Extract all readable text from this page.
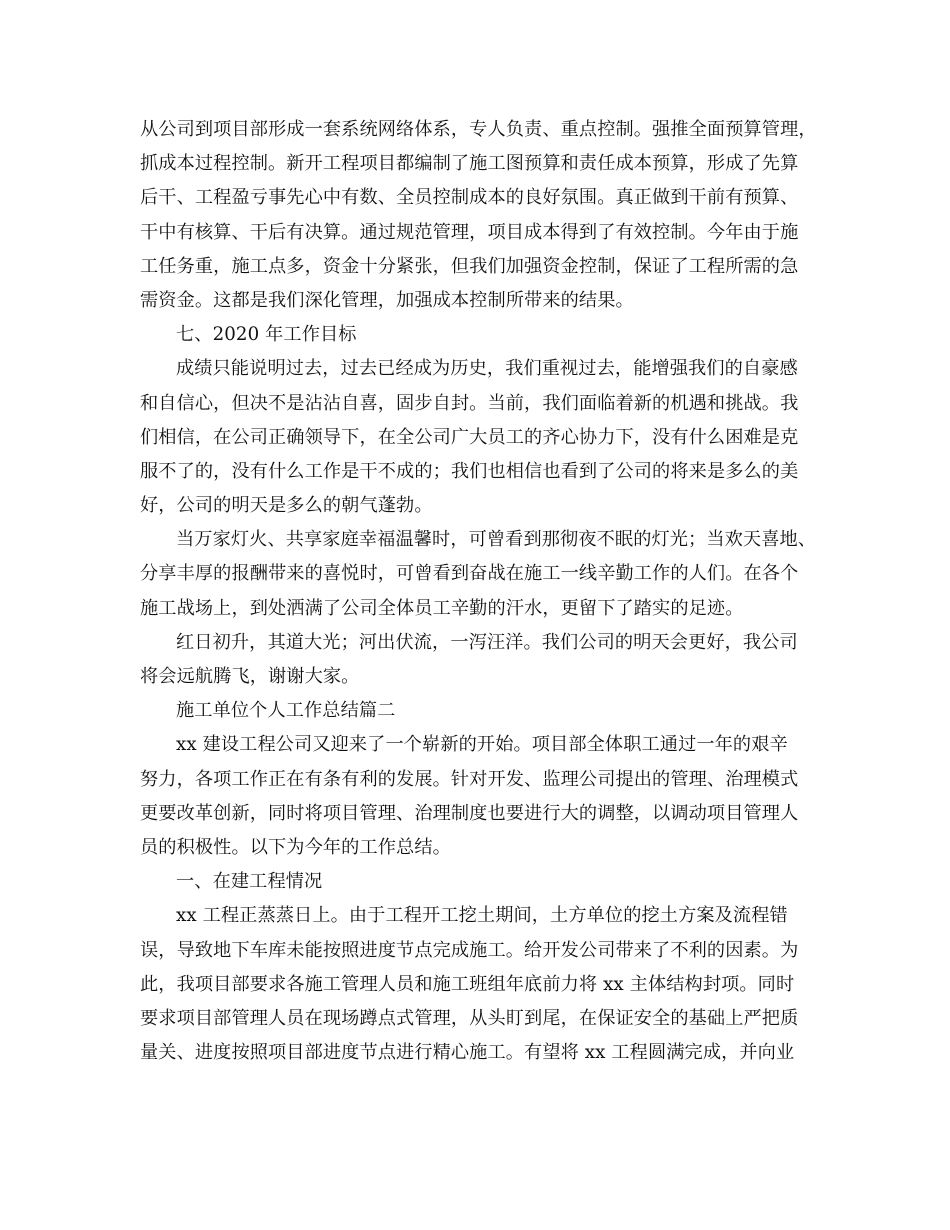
从公司到项目部形成一套系统网络体系，专人负责、重点控制。强推全面预算管理，
抓成本过程控制。新开工程项目都编制了施工图预算和责任成本预算，形成了先算
后干、工程盈亏事先心中有数、全员控制成本的良好氛围。真正做到干前有预算、
干中有核算、干后有决算。通过规范管理，项目成本得到了有效控制。今年由于施
工任务重，施工点多，资金十分紧张，但我们加强资金控制，保证了工程所需的急
需资金。这都是我们深化管理，加强成本控制所带来的结果。
七、2020 年工作目标
成绩只能说明过去，过去已经成为历史，我们重视过去，能增强我们的自豪感
和自信心，但决不是沾沾自喜，固步自封。当前，我们面临着新的机遇和挑战。我
们相信，在公司正确领导下，在全公司广大员工的齐心协力下，没有什么困难是克
服不了的，没有什么工作是干不成的；我们也相信也看到了公司的将来是多么的美
好，公司的明天是多么的朝气蓬勃。
当万家灯火、共享家庭幸福温馨时，可曾看到那彻夜不眠的灯光；当欢天喜地、
分享丰厚的报酬带来的喜悦时，可曾看到奋战在施工一线辛勤工作的人们。在各个
施工战场上，到处洒满了公司全体员工辛勤的汗水，更留下了踏实的足迹。
红日初升，其道大光；河出伏流，一泻汪洋。我们公司的明天会更好，我公司
将会远航腾飞，谢谢大家。
施工单位个人工作总结篇二
xx 建设工程公司又迎来了一个崭新的开始。项目部全体职工通过一年的艰辛
努力，各项工作正在有条有利的发展。针对开发、监理公司提出的管理、治理模式
更要改革创新，同时将项目管理、治理制度也要进行大的调整，以调动项目管理人
员的积极性。以下为今年的工作总结。
一、在建工程情况
xx 工程正蒸蒸日上。由于工程开工挖土期间，土方单位的挖土方案及流程错
误，导致地下车库未能按照进度节点完成施工。给开发公司带来了不利的因素。为
此，我项目部要求各施工管理人员和施工班组年底前力将 xx 主体结构封项。同时
要求项目部管理人员在现场蹲点式管理，从头盯到尾，在保证安全的基础上严把质
量关、进度按照项目部进度节点进行精心施工。有望将 xx 工程圆满完成，并向业
